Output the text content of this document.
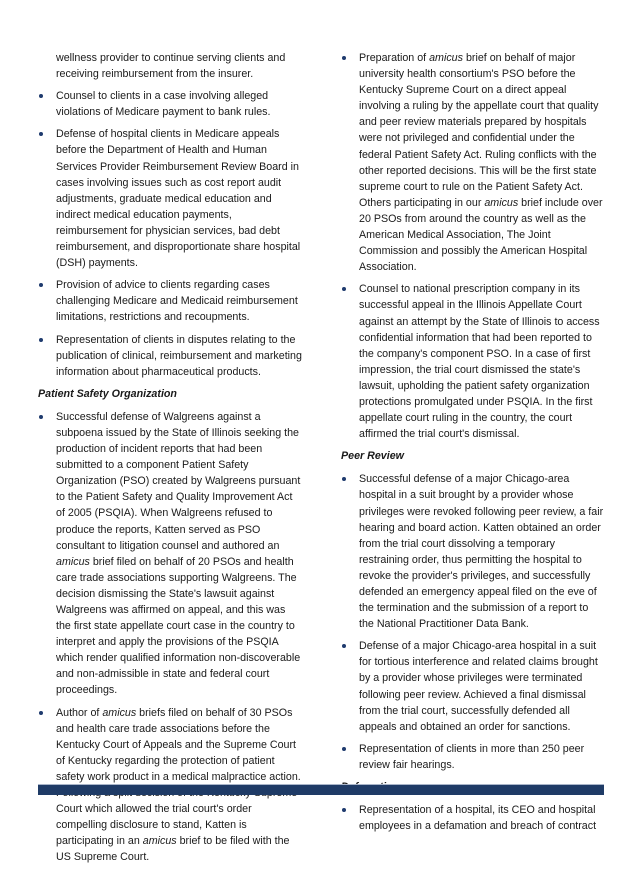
wellness provider to continue serving clients and receiving reimbursement from the insurer.
Counsel to clients in a case involving alleged violations of Medicare payment to bank rules.
Defense of hospital clients in Medicare appeals before the Department of Health and Human Services Provider Reimbursement Review Board in cases involving issues such as cost report audit adjustments, graduate medical education and indirect medical education payments, reimbursement for physician services, bad debt reimbursement, and disproportionate share hospital (DSH) payments.
Provision of advice to clients regarding cases challenging Medicare and Medicaid reimbursement limitations, restrictions and recoupments.
Representation of clients in disputes relating to the publication of clinical, reimbursement and marketing information about pharmaceutical products.
Patient Safety Organization
Successful defense of Walgreens against a subpoena issued by the State of Illinois seeking the production of incident reports that had been submitted to a component Patient Safety Organization (PSO) created by Walgreens pursuant to the Patient Safety and Quality Improvement Act of 2005 (PSQIA). When Walgreens refused to produce the reports, Katten served as PSO consultant to litigation counsel and authored an amicus brief filed on behalf of 20 PSOs and health care trade associations supporting Walgreens. The decision dismissing the State's lawsuit against Walgreens was affirmed on appeal, and this was the first state appellate court case in the country to interpret and apply the provisions of the PSQIA which render qualified information non-discoverable and non-admissible in state and federal court proceedings.
Author of amicus briefs filed on behalf of 30 PSOs and health care trade associations before the Kentucky Court of Appeals and the Supreme Court of Kentucky regarding the protection of patient safety work product in a medical malpractice action. Court which allowed the trial court's order compelling disclosure to stand, Katten is participating in an amicus brief to be filed with the US Supreme Court.
Preparation of amicus brief on behalf of major university health consortium's PSO before the Kentucky Supreme Court on a direct appeal involving a ruling by the appellate court that quality and peer review materials prepared by hospitals were not privileged and confidential under the federal Patient Safety Act. Ruling conflicts with the other reported decisions. This will be the first state supreme court to rule on the Patient Safety Act. Others participating in our amicus brief include over 20 PSOs from around the country as well as the American Medical Association, The Joint Commission and possibly the American Hospital Association.
Counsel to national prescription company in its successful appeal in the Illinois Appellate Court against an attempt by the State of Illinois to access confidential information that had been reported to the company's component PSO. In a case of first impression, the trial court dismissed the state's lawsuit, upholding the patient safety organization protections promulgated under PSQIA. In the first appellate court ruling in the country, the court affirmed the trial court's dismissal.
Peer Review
Successful defense of a major Chicago-area hospital in a suit brought by a provider whose privileges were revoked following peer review, a fair hearing and board action. Katten obtained an order from the trial court dissolving a temporary restraining order, thus permitting the hospital to revoke the provider's privileges, and successfully defended an emergency appeal filed on the eve of the termination and the submission of a report to the National Practitioner Data Bank.
Defense of a major Chicago-area hospital in a suit for tortious interference and related claims brought by a provider whose privileges were terminated following peer review. Achieved a final dismissal from the trial court, successfully defended all appeals and obtained an order for sanctions.
Representation of clients in more than 250 peer review fair hearings.
Representation of a hospital, its CEO and hospital employees in a defamation and breach of contract
